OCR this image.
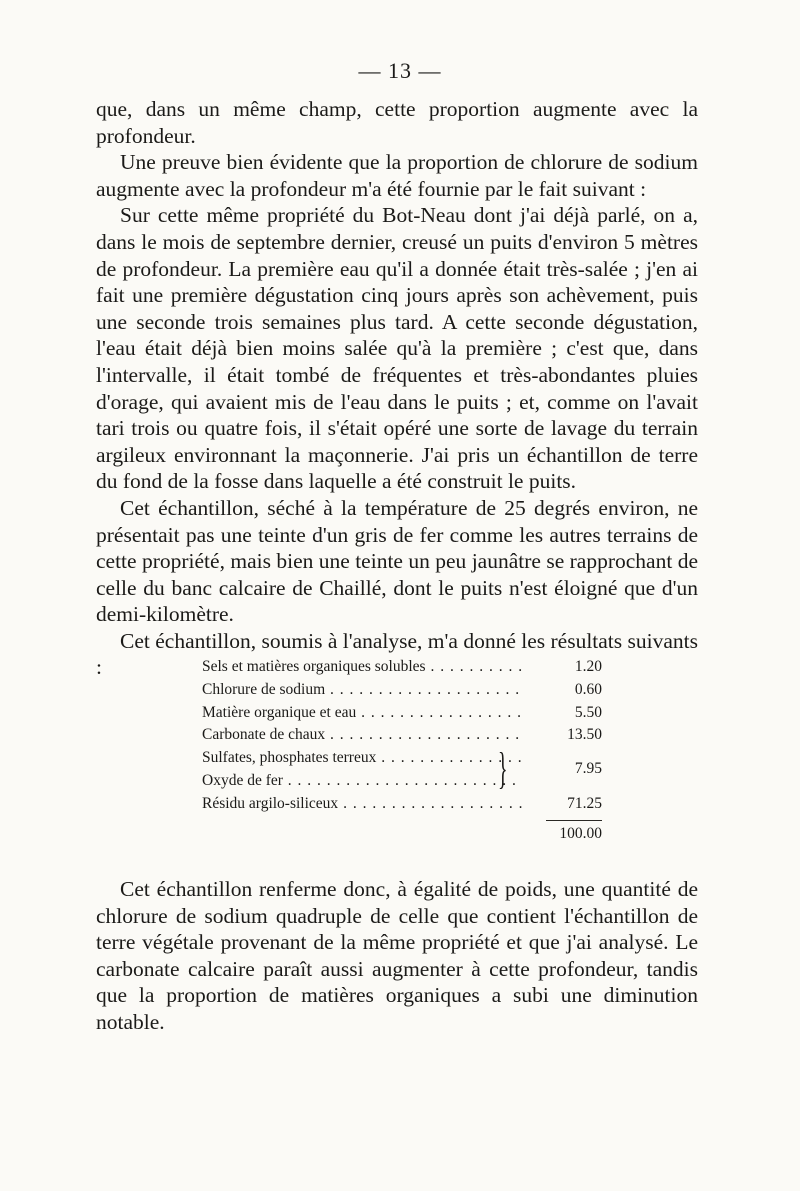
— 13 —

que, dans un même champ, cette proportion augmente avec la profondeur.

Une preuve bien évidente que la proportion de chlorure de sodium augmente avec la profondeur m'a été fournie par le fait suivant :

Sur cette même propriété du Bot-Neau dont j'ai déjà parlé, on a, dans le mois de septembre dernier, creusé un puits d'environ 5 mètres de profondeur. La première eau qu'il a donnée était très-salée ; j'en ai fait une première dégustation cinq jours après son achèvement, puis une seconde trois semaines plus tard. A cette seconde dégustation, l'eau était déjà bien moins salée qu'à la première ; c'est que, dans l'intervalle, il était tombé de fréquentes et très-abondantes pluies d'orage, qui avaient mis de l'eau dans le puits ; et, comme on l'avait tari trois ou quatre fois, il s'était opéré une sorte de lavage du terrain argileux environnant la maçonnerie. J'ai pris un échantillon de terre du fond de la fosse dans laquelle a été construit le puits.

Cet échantillon, séché à la température de 25 degrés environ, ne présentait pas une teinte d'un gris de fer comme les autres terrains de cette propriété, mais bien une teinte un peu jaunâtre se rapprochant de celle du banc calcaire de Chaillé, dont le puits n'est éloigné que d'un demi-kilomètre.

Cet échantillon, soumis à l'analyse, m'a donné les résultats suivants :	Sels et matières organiques solubles . . .	1.20
Chlorure de sodium . . .	0.60
Matière organique et eau . . .	5.50
Carbonate de chaux . . .	13.50
Sulfates, phosphates terreux . . .
Oxyde de fer . . .	}	7.95
Résidu argilo-siliceux . . .	71.25
100.00

Cet échantillon renferme donc, à égalité de poids, une quantité de chlorure de sodium quadruple de celle que contient l'échantillon de terre végétale provenant de la même propriété et que j'ai analysé. Le carbonate calcaire paraît aussi augmenter à cette profondeur, tandis que la proportion de matières organiques a subi une diminution notable.
